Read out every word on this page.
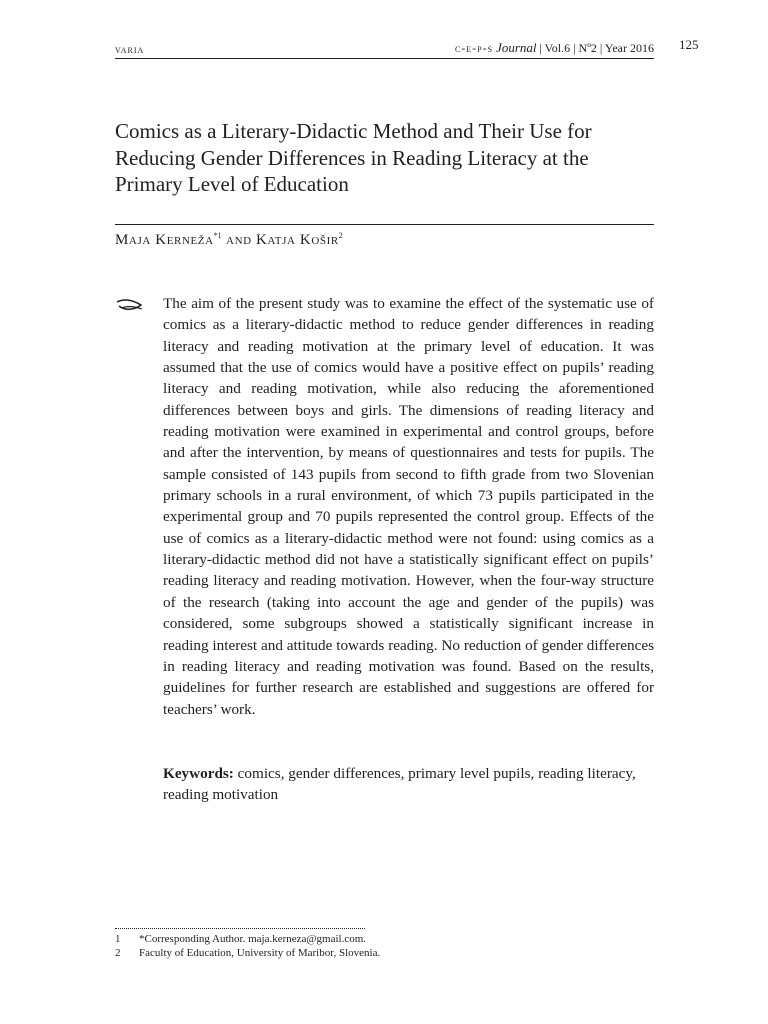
varia	c-e-p-s Journal | Vol.6 | Nº2 | Year 2016 125
Comics as a Literary-Didactic Method and Their Use for Reducing Gender Differences in Reading Literacy at the Primary Level of Education
Maja Kerneža$^{*1}$ and Katja Košir$^2$

The aim of the present study was to examine the effect of the systematic use of comics as a literary-didactic method to reduce gender differences in reading literacy and reading motivation at the primary level of education. It was assumed that the use of comics would have a positive effect on pupils’ reading literacy and reading motivation, while also reducing the aforementioned differences between boys and girls. The dimensions of reading literacy and reading motivation were examined in experimental and control groups, before and after the intervention, by means of questionnaires and tests for pupils. The sample consisted of 143 pupils from second to fifth grade from two Slovenian primary schools in a rural environment, of which 73 pupils participated in the experimental group and 70 pupils represented the control group. Effects of the use of comics as a literary-didactic method were not found: using comics as a literary-didactic method did not have a statistically significant effect on pupils’ reading literacy and reading motivation. However, when the four-way structure of the research (taking into account the age and gender of the pupils) was considered, some subgroups showed a statistically significant increase in reading interest and attitude towards reading. No reduction of gender differences in reading literacy and reading motivation was found. Based on the results, guidelines for further research are established and suggestions are offered for teachers’ work.

Keywords: comics, gender differences, primary level pupils, reading literacy, reading motivation

1 *Corresponding Author. maja.kerneza@gmail.com.
2 Faculty of Education, University of Maribor, Slovenia.
